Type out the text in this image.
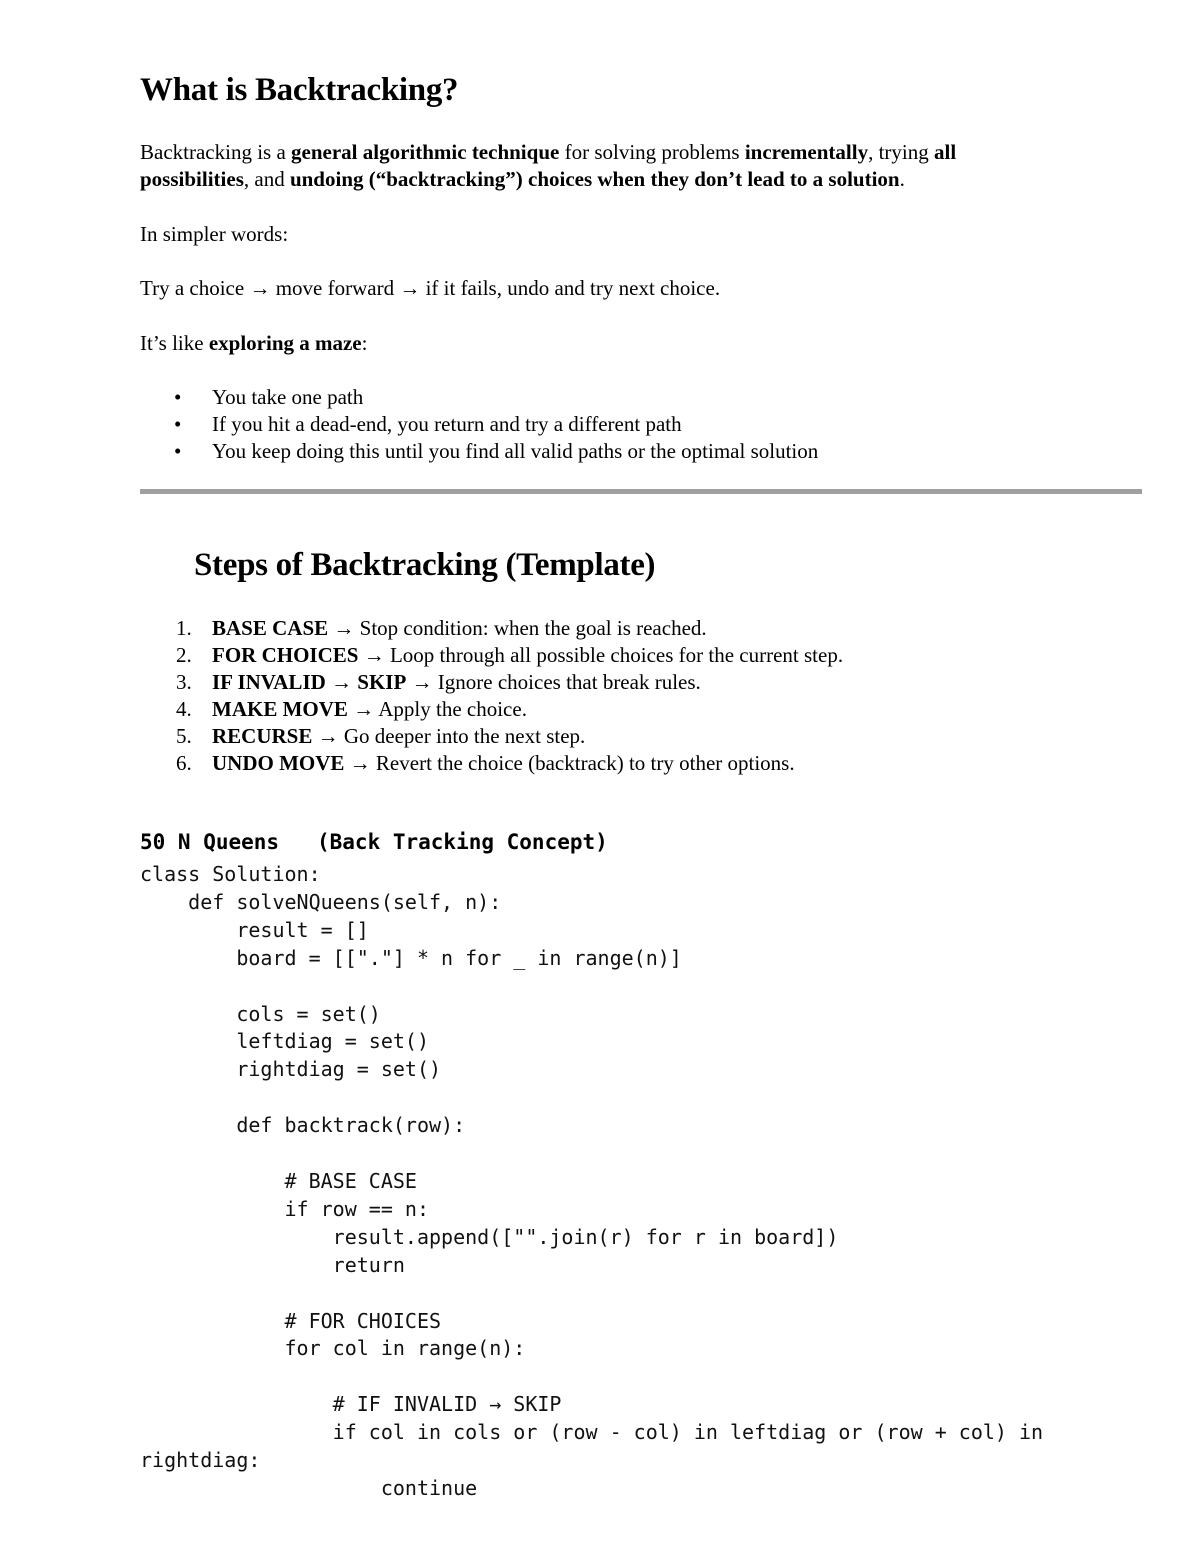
What is Backtracking?

Backtracking is a general algorithmic technique for solving problems incrementally, trying all possibilities, and undoing (“backtracking”) choices when they don’t lead to a solution.

In simpler words:

Try a choice → move forward → if it fails, undo and try next choice.

It’s like exploring a maze:

• You take one path
• If you hit a dead-end, you return and try a different path
• You keep doing this until you find all valid paths or the optimal solution
Steps of Backtracking (Template)
1. BASE CASE → Stop condition: when the goal is reached.
2. FOR CHOICES → Loop through all possible choices for the current step.
3. IF INVALID → SKIP → Ignore choices that break rules.
4. MAKE MOVE → Apply the choice.
5. RECURSE → Go deeper into the next step.
6. UNDO MOVE → Revert the choice (backtrack) to try other options.
50 N Queens   (Back Tracking Concept)
class Solution:
def solveNQueens(self, n):
result = []
board = [["."] * n for _ in range(n)]

cols = set()
leftdiag = set()
rightdiag = set()

def backtrack(row):

# BASE CASE
if row == n:
result.append(["".join(r) for r in board])
return

# FOR CHOICES
for col in range(n):

# IF INVALID → SKIP
if col in cols or (row - col) in leftdiag or (row + col) in
rightdiag:
continue
